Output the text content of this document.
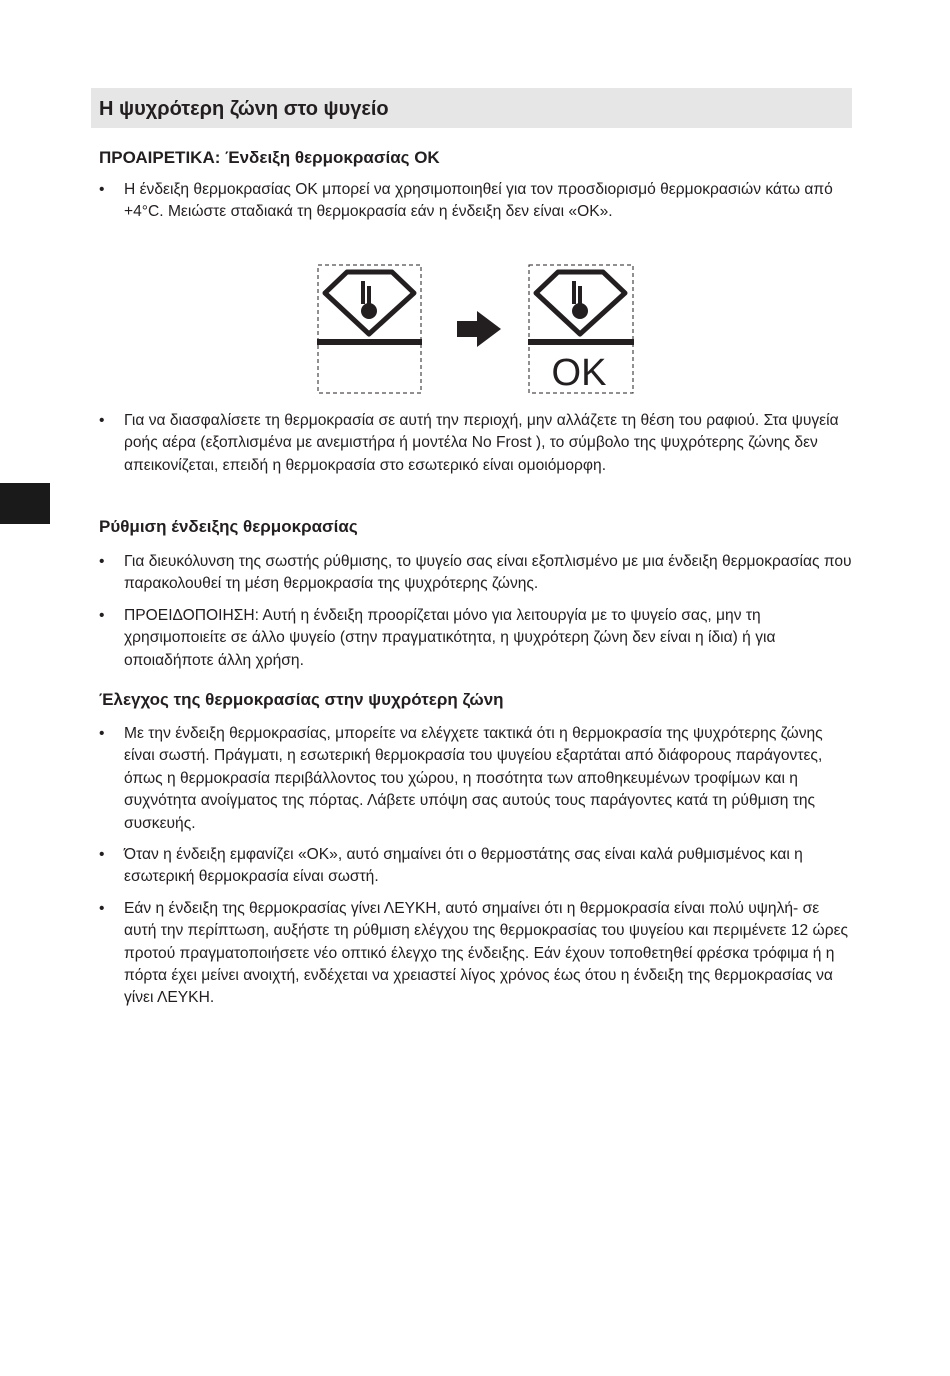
Η ψυχρότερη ζώνη στο ψυγείο
ΠΡΟΑΙΡΕΤΙΚΑ: Ένδειξη θερμοκρασίας OK
• Η ένδειξη θερμοκρασίας OK μπορεί να χρησιμοποιηθεί για τον προσδιορισμό θερμοκρασιών κάτω από +4°C. Μειώστε σταδιακά τη θερμοκρασία εάν η ένδειξη δεν είναι «OK».
OK
• Για να διασφαλίσετε τη θερμοκρασία σε αυτή την περιοχή, μην αλλάζετε τη θέση του ραφιού. Στα ψυγεία ροής αέρα (εξοπλισμένα με ανεμιστήρα ή μοντέλα No Frost ), το σύμβολο της ψυχρότερης ζώνης δεν απεικονίζεται, επειδή η θερμοκρασία στο εσωτερικό είναι ομοιόμορφη.
Ρύθμιση ένδειξης θερμοκρασίας
• Για διευκόλυνση της σωστής ρύθμισης, το ψυγείο σας είναι εξοπλισμένο με μια ένδειξη θερμοκρασίας που παρακολουθεί τη μέση θερμοκρασία της ψυχρότερης ζώνης.
• ΠΡΟΕΙΔΟΠΟΙΗΣΗ: Αυτή η ένδειξη προορίζεται μόνο για λειτουργία με το ψυγείο σας, μην τη χρησιμοποιείτε σε άλλο ψυγείο (στην πραγματικότητα, η ψυχρότερη ζώνη δεν είναι η ίδια) ή για οποιαδήποτε άλλη χρήση.
Έλεγχος της θερμοκρασίας στην ψυχρότερη ζώνη
• Με την ένδειξη θερμοκρασίας, μπορείτε να ελέγχετε τακτικά ότι η θερμοκρασία της ψυχρότερης ζώνης είναι σωστή. Πράγματι, η εσωτερική θερμοκρασία του ψυγείου εξαρτάται από διάφορους παράγοντες, όπως η θερμοκρασία περιβάλλοντος του χώρου, η ποσότητα των αποθηκευμένων τροφίμων και η συχνότητα ανοίγματος της πόρτας. Λάβετε υπόψη σας αυτούς τους παράγοντες κατά τη ρύθμιση της συσκευής.
• Όταν η ένδειξη εμφανίζει «OK», αυτό σημαίνει ότι ο θερμοστάτης σας είναι καλά ρυθμισμένος και η εσωτερική θερμοκρασία είναι σωστή.
• Εάν η ένδειξη της θερμοκρασίας γίνει ΛΕΥΚΗ, αυτό σημαίνει ότι η θερμοκρασία είναι πολύ υψηλή- σε αυτή την περίπτωση, αυξήστε τη ρύθμιση ελέγχου της θερμοκρασίας του ψυγείου και περιμένετε 12 ώρες προτού πραγματοποιήσετε νέο οπτικό έλεγχο της ένδειξης. Εάν έχουν τοποθετηθεί φρέσκα τρόφιμα ή η πόρτα έχει μείνει ανοιχτή, ενδέχεται να χρειαστεί λίγος χρόνος έως ότου η ένδειξη της θερμοκρασίας να γίνει ΛΕΥΚΗ.
